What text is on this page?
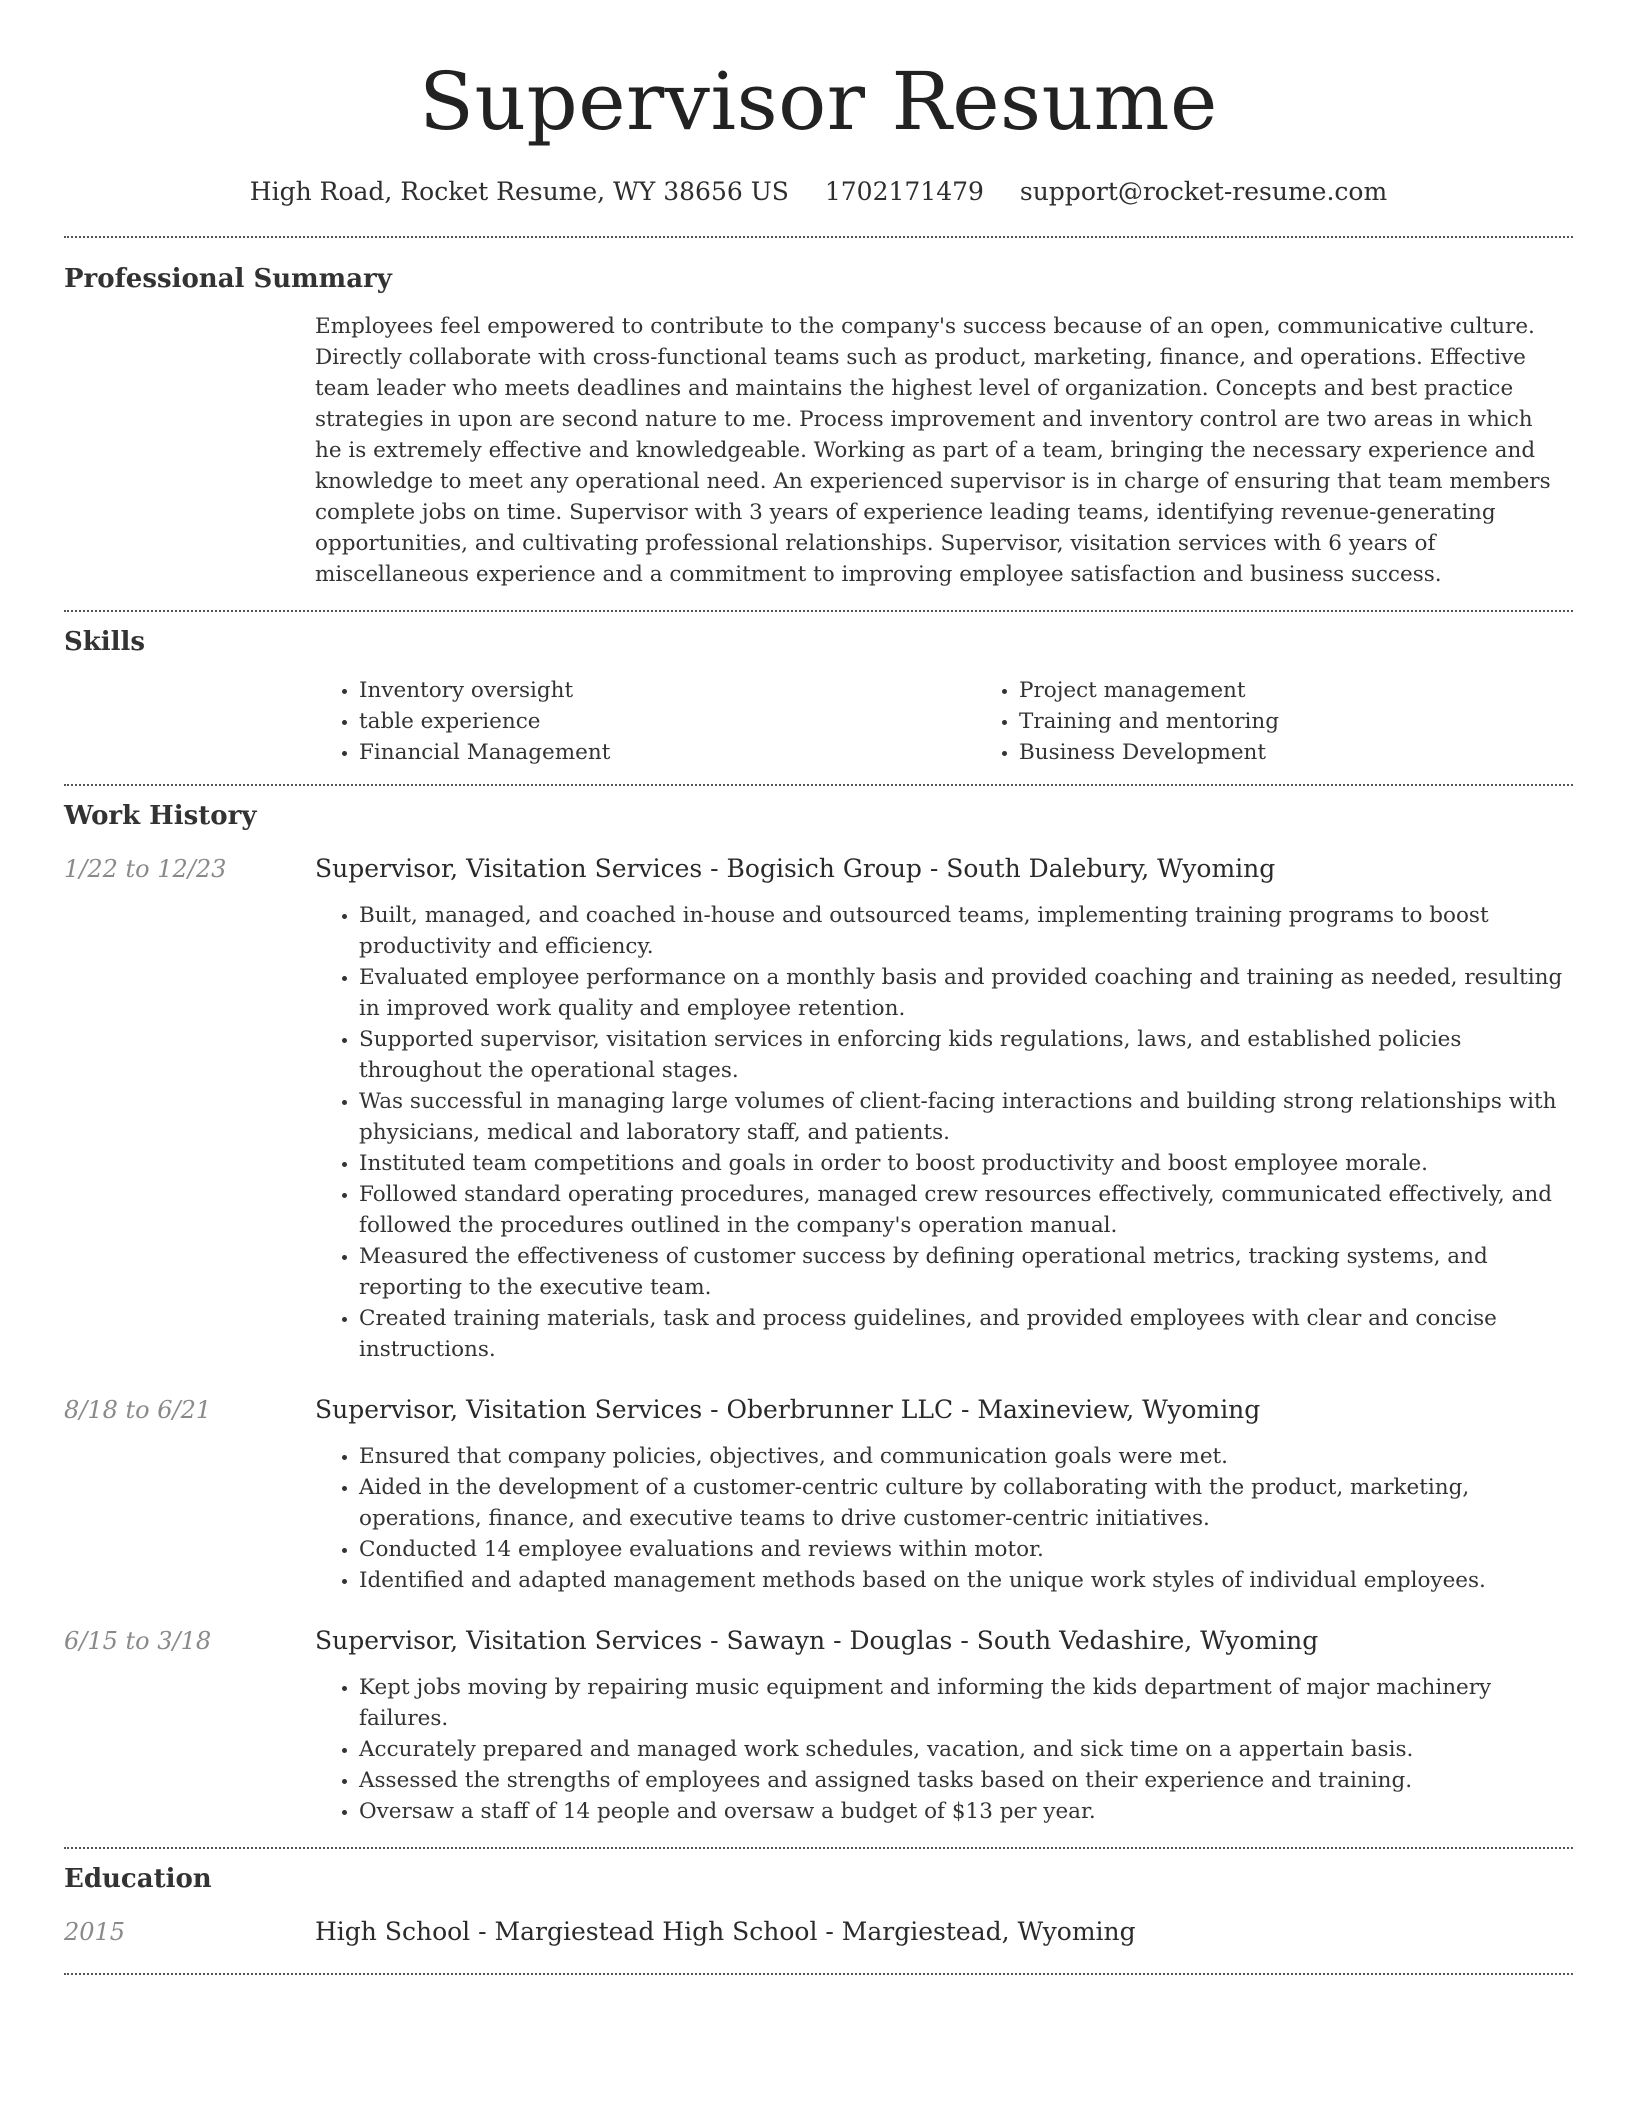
Supervisor Resume
High Road, Rocket Resume, WY 38656 US 1702171479 support@rocket-resume.com
Professional Summary

Employees feel empowered to contribute to the company's success because of an open, communicative culture. Directly collaborate with cross-functional teams such as product, marketing, finance, and operations. Effective team leader who meets deadlines and maintains the highest level of organization. Concepts and best practice strategies in upon are second nature to me. Process improvement and inventory control are two areas in which he is extremely effective and knowledgeable. Working as part of a team, bringing the necessary experience and knowledge to meet any operational need. An experienced supervisor is in charge of ensuring that team members complete jobs on time. Supervisor with 3 years of experience leading teams, identifying revenue-generating opportunities, and cultivating professional relationships. Supervisor, visitation services with 6 years of miscellaneous experience and a commitment to improving employee satisfaction and business success.

Skills
• Inventory oversight
• table experience
• Financial Management
• Project management
• Training and mentoring
• Business Development
Work History
1/22 to 12/23	Supervisor, Visitation Services - Bogisich Group - South Dalebury, Wyoming
• Built, managed, and coached in-house and outsourced teams, implementing training programs to boost productivity and efficiency.
• Evaluated employee performance on a monthly basis and provided coaching and training as needed, resulting in improved work quality and employee retention.
• Supported supervisor, visitation services in enforcing kids regulations, laws, and established policies throughout the operational stages.
• Was successful in managing large volumes of client-facing interactions and building strong relationships with physicians, medical and laboratory staff, and patients.
• Instituted team competitions and goals in order to boost productivity and boost employee morale.
• Followed standard operating procedures, managed crew resources effectively, communicated effectively, and followed the procedures outlined in the company's operation manual.
• Measured the effectiveness of customer success by defining operational metrics, tracking systems, and reporting to the executive team.
• Created training materials, task and process guidelines, and provided employees with clear and concise instructions.
8/18 to 6/21	Supervisor, Visitation Services - Oberbrunner LLC - Maxineview, Wyoming
• Ensured that company policies, objectives, and communication goals were met.
• Aided in the development of a customer-centric culture by collaborating with the product, marketing, operations, finance, and executive teams to drive customer-centric initiatives.
• Conducted 14 employee evaluations and reviews within motor.
• Identified and adapted management methods based on the unique work styles of individual employees.
6/15 to 3/18	Supervisor, Visitation Services - Sawayn - Douglas - South Vedashire, Wyoming
• Kept jobs moving by repairing music equipment and informing the kids department of major machinery failures.
• Accurately prepared and managed work schedules, vacation, and sick time on a appertain basis.
• Assessed the strengths of employees and assigned tasks based on their experience and training.
• Oversaw a staff of 14 people and oversaw a budget of $13 per year.
Education
2015	High School - Margiestead High School - Margiestead, Wyoming
